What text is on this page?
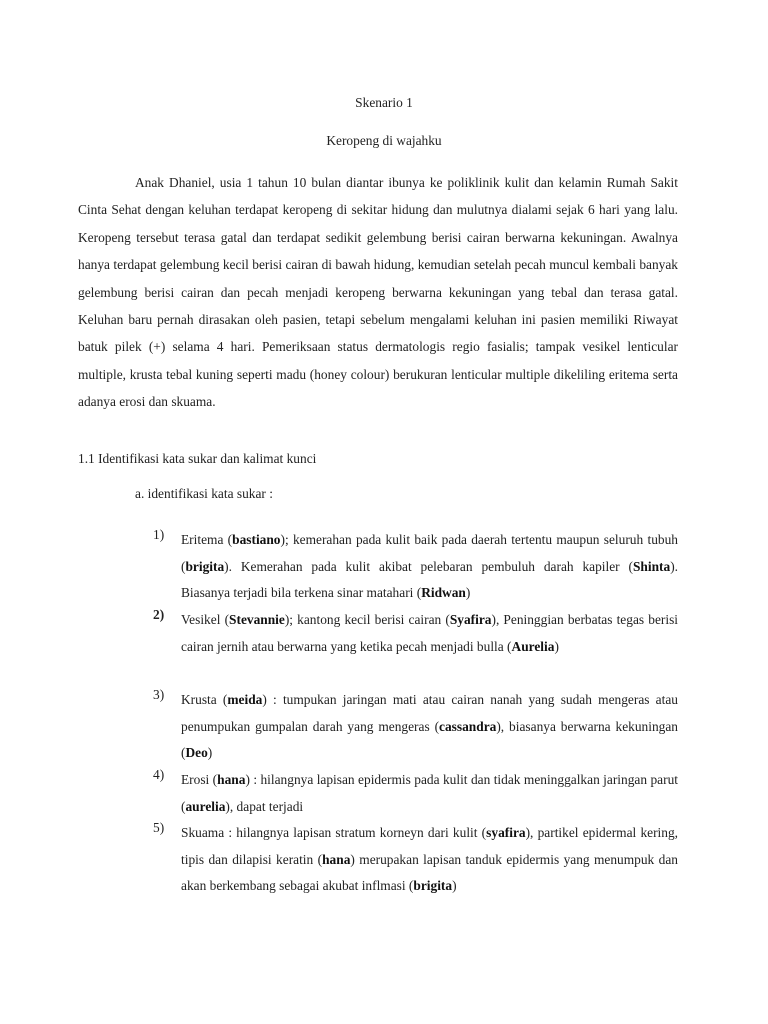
Skenario 1
Keropeng di wajahku

Anak Dhaniel, usia 1 tahun 10 bulan diantar ibunya ke poliklinik kulit dan kelamin Rumah Sakit Cinta Sehat dengan keluhan terdapat keropeng di sekitar hidung dan mulutnya dialami sejak 6 hari yang lalu. Keropeng tersebut terasa gatal dan terdapat sedikit gelembung berisi cairan berwarna kekuningan. Awalnya hanya terdapat gelembung kecil berisi cairan di bawah hidung, kemudian setelah pecah muncul kembali banyak gelembung berisi cairan dan pecah menjadi keropeng berwarna kekuningan yang tebal dan terasa gatal. Keluhan baru pernah dirasakan oleh pasien, tetapi sebelum mengalami keluhan ini pasien memiliki Riwayat batuk pilek (+) selama 4 hari. Pemeriksaan status dermatologis regio fasialis; tampak vesikel lenticular multiple, krusta tebal kuning seperti madu (honey colour) berukuran lenticular multiple dikeliling eritema serta adanya erosi dan skuama.

1.1 Identifikasi kata sukar dan kalimat kunci

a. identifikasi kata sukar :

1)	Eritema (bastiano); kemerahan pada kulit baik pada daerah tertentu maupun seluruh tubuh (brigita). Kemerahan pada kulit akibat pelebaran pembuluh darah kapiler (Shinta). Biasanya terjadi bila terkena sinar matahari (Ridwan)
2)	Vesikel (Stevannie); kantong kecil berisi cairan (Syafira), Peninggian berbatas tegas berisi cairan jernih atau berwarna yang ketika pecah menjadi bulla (Aurelia)
3)	Krusta (meida) : tumpukan jaringan mati atau cairan nanah yang sudah mengeras atau penumpukan gumpalan darah yang mengeras (cassandra), biasanya berwarna kekuningan (Deo)
4)	Erosi (hana) : hilangnya lapisan epidermis pada kulit dan tidak meninggalkan jaringan parut (aurelia), dapat terjadi
5)	Skuama : hilangnya lapisan stratum korneyn dari kulit (syafira), partikel epidermal kering, tipis dan dilapisi keratin (hana) merupakan lapisan tanduk epidermis yang menumpuk dan akan berkembang sebagai akubat inflmasi (brigita)
